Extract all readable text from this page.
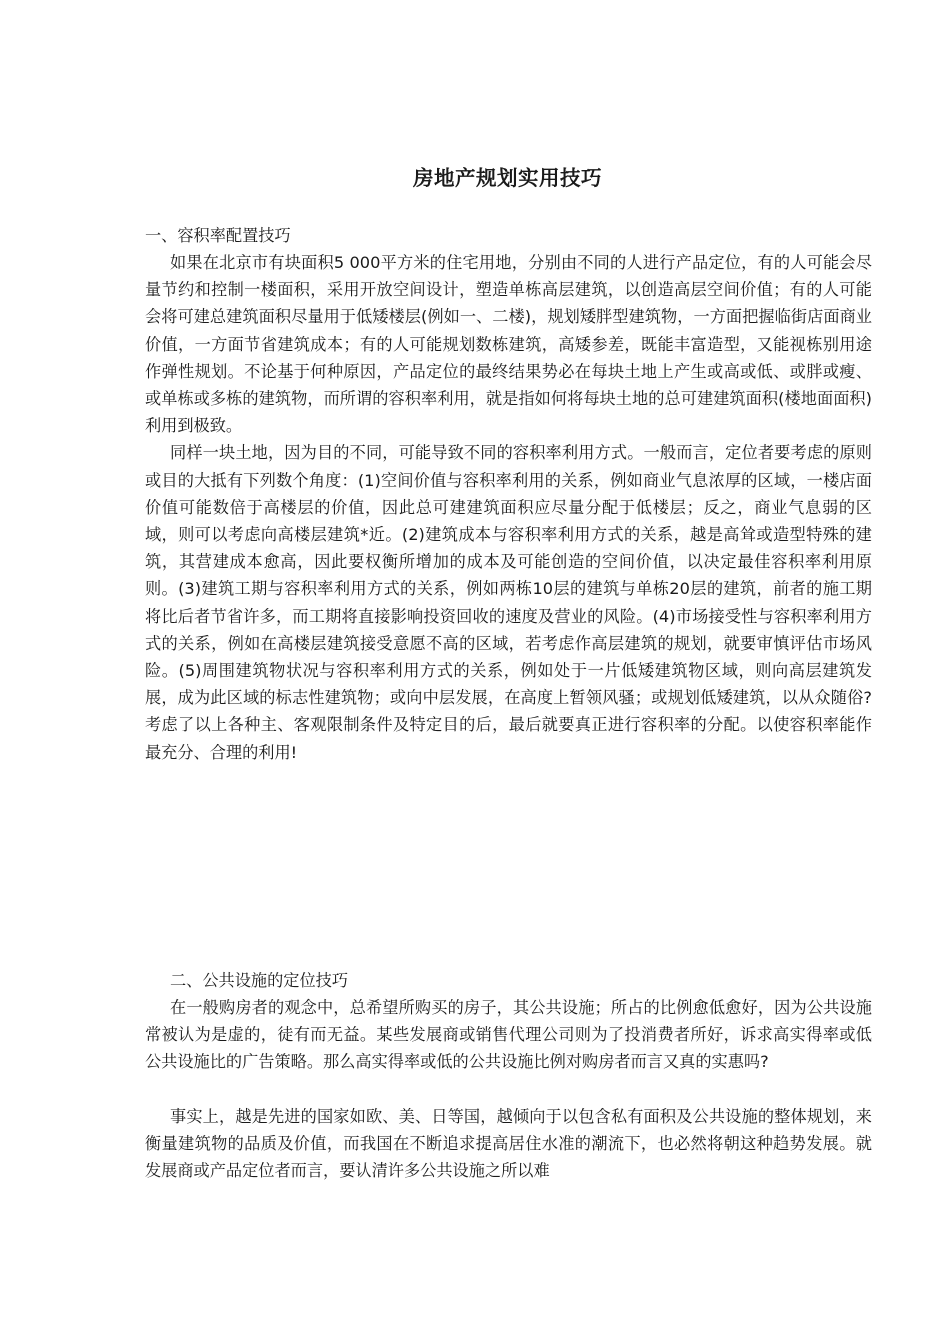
房地产规划实用技巧

一、容积率配置技巧

如果在北京市有块面积5 000平方米的住宅用地，分别由不同的人进行产品定位，有的人可能会尽量节约和控制一楼面积，采用开放空间设计，塑造单栋高层建筑，以创造高层空间价值；有的人可能会将可建总建筑面积尽量用于低矮楼层(例如一、二楼)，规划矮胖型建筑物，一方面把握临街店面商业价值，一方面节省建筑成本；有的人可能规划数栋建筑，高矮参差，既能丰富造型，又能视栋别用途作弹性规划。不论基于何种原因，产品定位的最终结果势必在每块土地上产生或高或低、或胖或瘦、或单栋或多栋的建筑物，而所谓的容积率利用，就是指如何将每块土地的总可建建筑面积(楼地面面积)利用到极致。

同样一块土地，因为目的不同，可能导致不同的容积率利用方式。一般而言，定位者要考虑的原则或目的大抵有下列数个角度：(1)空间价值与容积率利用的关系，例如商业气息浓厚的区域，一楼店面价值可能数倍于高楼层的价值，因此总可建建筑面积应尽量分配于低楼层；反之，商业气息弱的区域，则可以考虑向高楼层建筑*近。(2)建筑成本与容积率利用方式的关系，越是高耸或造型特殊的建筑，其营建成本愈高，因此要权衡所增加的成本及可能创造的空间价值，以决定最佳容积率利用原则。(3)建筑工期与容积率利用方式的关系，例如两栋10层的建筑与单栋20层的建筑，前者的施工期将比后者节省许多，而工期将直接影响投资回收的速度及营业的风险。(4)市场接受性与容积率利用方式的关系，例如在高楼层建筑接受意愿不高的区域，若考虑作高层建筑的规划，就要审慎评估市场风险。(5)周围建筑物状况与容积率利用方式的关系，例如处于一片低矮建筑物区域，则向高层建筑发展，成为此区域的标志性建筑物；或向中层发展，在高度上暂领风骚；或规划低矮建筑，以从众随俗?考虑了以上各种主、客观限制条件及特定目的后，最后就要真正进行容积率的分配。以使容积率能作最充分、合理的利用!

二、公共设施的定位技巧

在一般购房者的观念中，总希望所购买的房子，其公共设施；所占的比例愈低愈好，因为公共设施常被认为是虚的，徒有而无益。某些发展商或销售代理公司则为了投消费者所好，诉求高实得率或低公共设施比的广告策略。那么高实得率或低的公共设施比例对购房者而言又真的实惠吗?

事实上，越是先进的国家如欧、美、日等国，越倾向于以包含私有面积及公共设施的整体规划，来衡量建筑物的品质及价值，而我国在不断追求提高居住水准的潮流下，也必然将朝这种趋势发展。就发展商或产品定位者而言，要认清许多公共设施之所以难
